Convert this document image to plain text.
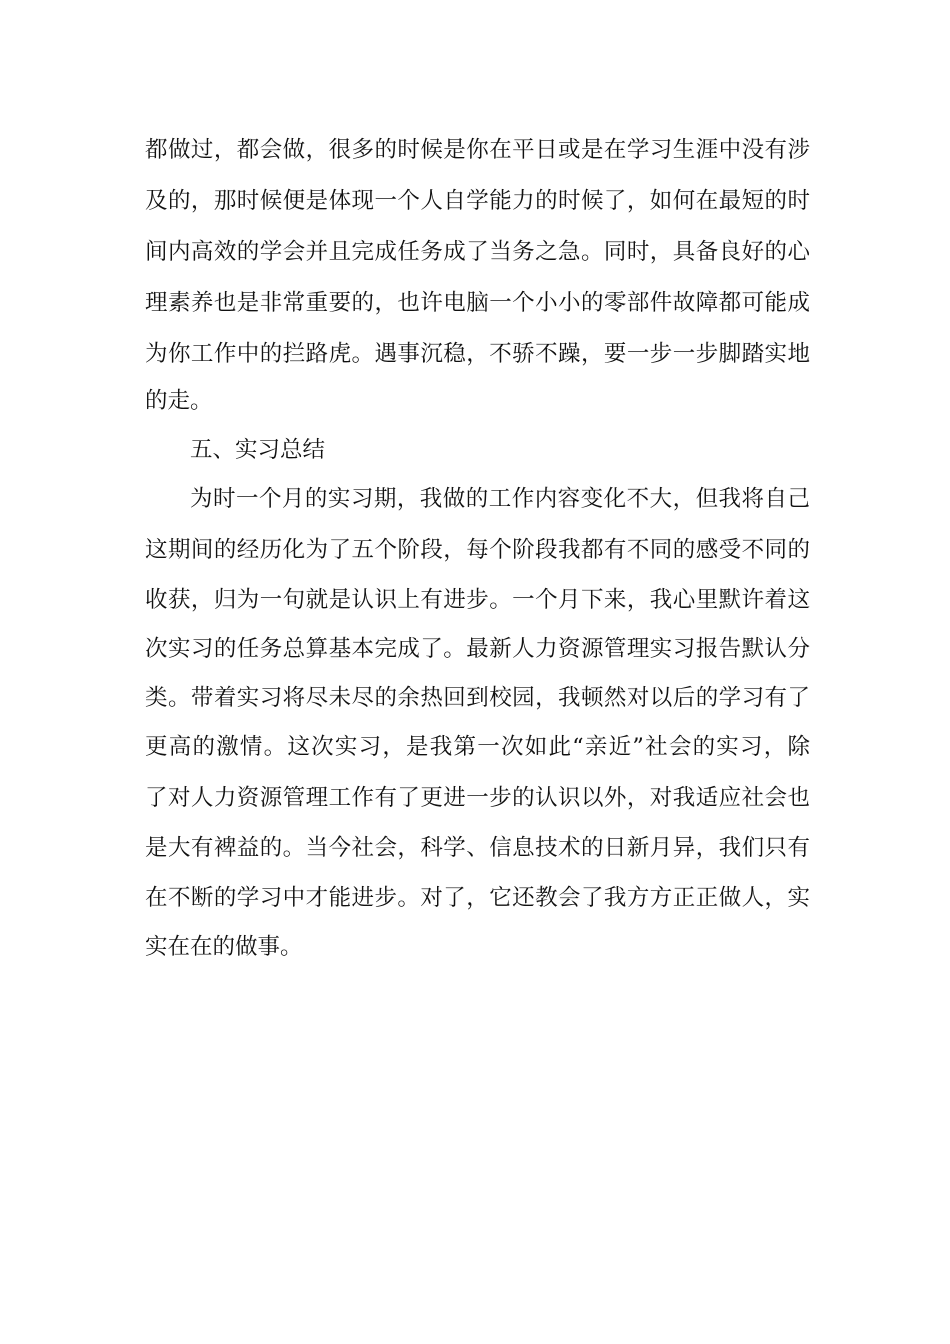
都做过，都会做，很多的时候是你在平日或是在学习生涯中没有涉
及的，那时候便是体现一个人自学能力的时候了，如何在最短的时
间内高效的学会并且完成任务成了当务之急。同时，具备良好的心
理素养也是非常重要的，也许电脑一个小小的零部件故障都可能成
为你工作中的拦路虎。遇事沉稳，不骄不躁，要一步一步脚踏实地
的走。
五、实习总结
为时一个月的实习期，我做的工作内容变化不大，但我将自己
这期间的经历化为了五个阶段，每个阶段我都有不同的感受不同的
收获，归为一句就是认识上有进步。一个月下来，我心里默许着这
次实习的任务总算基本完成了。最新人力资源管理实习报告默认分
类。带着实习将尽未尽的余热回到校园，我顿然对以后的学习有了
更高的激情。这次实习，是我第一次如此“亲近”社会的实习，除
了对人力资源管理工作有了更进一步的认识以外，对我适应社会也
是大有裨益的。当今社会，科学、信息技术的日新月异，我们只有
在不断的学习中才能进步。对了，它还教会了我方方正正做人，实
实在在的做事。
